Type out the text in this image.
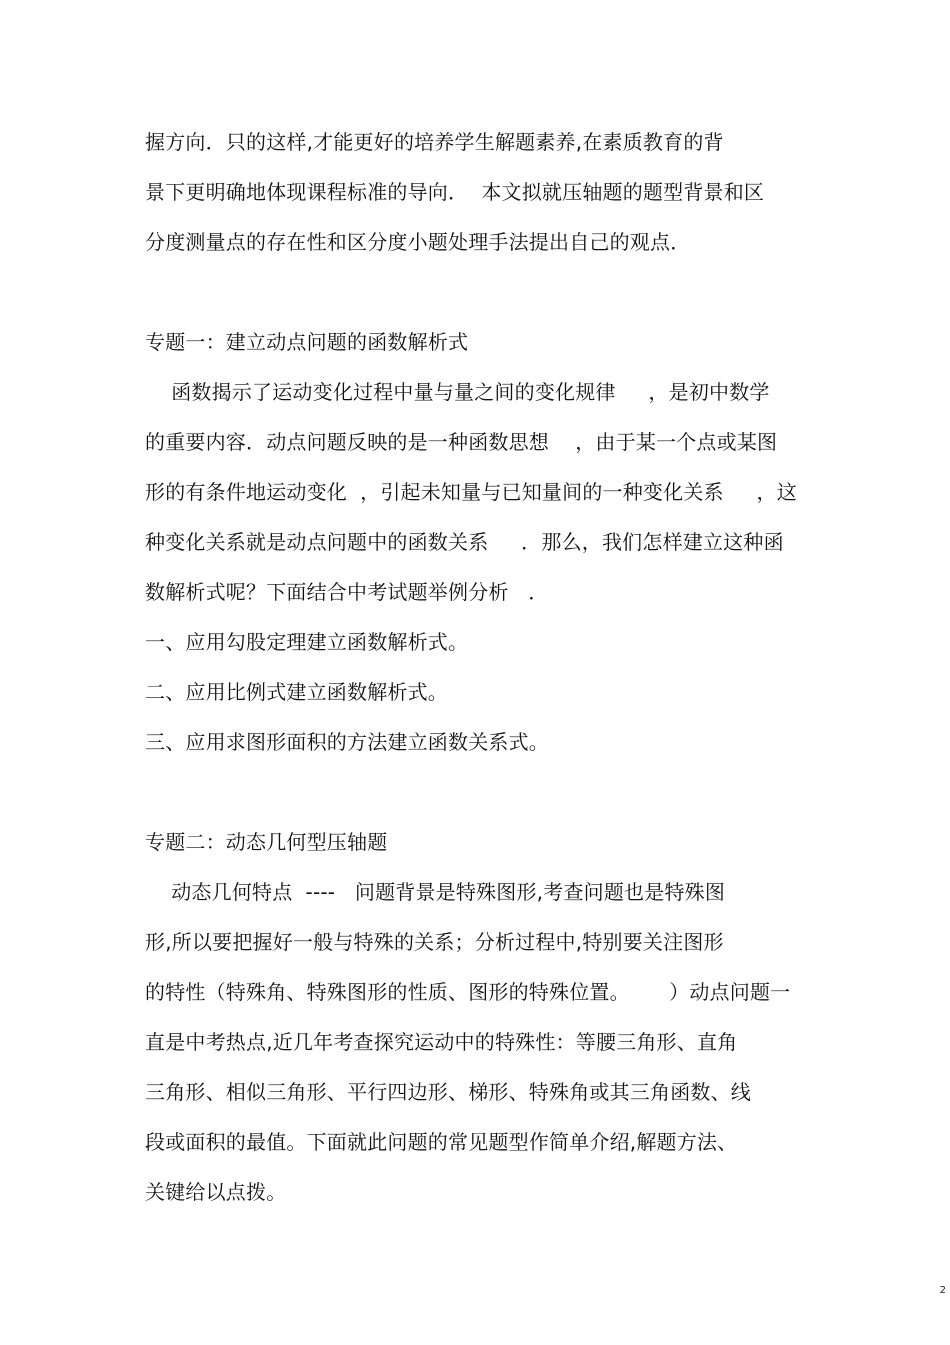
握方向．只的这样,才能更好的培养学生解题素养,在素质教育的背
景下更明确地体现课程标准的导向．  本文拟就压轴题的题型背景和区
分度测量点的存在性和区分度小题处理手法提出自己的观点．
专题一：建立动点问题的函数解析式
函数揭示了运动变化过程中量与量之间的变化规律     ，是初中数学
的重要内容．动点问题反映的是一种函数思想    ，由于某一个点或某图
形的有条件地运动变化  ，引起未知量与已知量间的一种变化关系     ，这
种变化关系就是动点问题中的函数关系     ．那么，我们怎样建立这种函
数解析式呢？下面结合中考试题举例分析   ．
一、应用勾股定理建立函数解析式。
二、应用比例式建立函数解析式。
三、应用求图形面积的方法建立函数关系式。
专题二：动态几何型压轴题
动态几何特点  ----   问题背景是特殊图形,考查问题也是特殊图
形,所以要把握好一般与特殊的关系；分析过程中,特别要关注图形
的特性（特殊角、特殊图形的性质、图形的特殊位置。      ）动点问题一
直是中考热点,近几年考查探究运动中的特殊性：等腰三角形、直角
三角形、相似三角形、平行四边形、梯形、特殊角或其三角函数、线
段或面积的最值。下面就此问题的常见题型作简单介绍,解题方法、
关键给以点拨。
2
